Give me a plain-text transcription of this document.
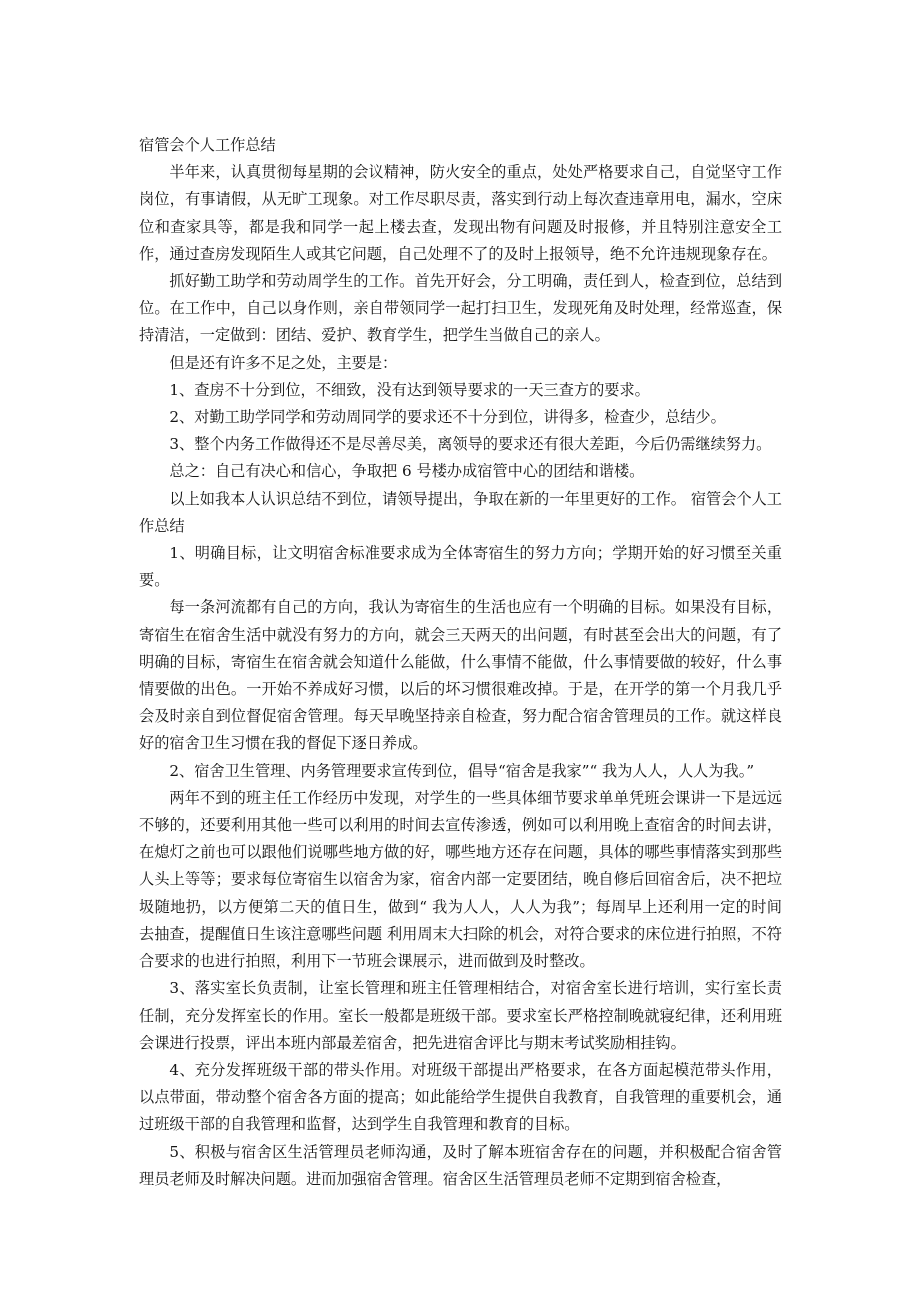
宿管会个人工作总结

半年来，认真贯彻每星期的会议精神，防火安全的重点，处处严格要求自己，自觉坚守工作岗位，有事请假，从无旷工现象。对工作尽职尽责，落实到行动上每次查违章用电，漏水，空床位和查家具等，都是我和同学一起上楼去查，发现出物有问题及时报修，并且特别注意安全工作，通过查房发现陌生人或其它问题，自己处理不了的及时上报领导，绝不允许违规现象存在。

抓好勤工助学和劳动周学生的工作。首先开好会，分工明确，责任到人，检查到位，总结到位。在工作中，自己以身作则，亲自带领同学一起打扫卫生，发现死角及时处理，经常巡查，保持清洁，一定做到：团结、爱护、教育学生，把学生当做自己的亲人。

但是还有许多不足之处，主要是：

1、查房不十分到位，不细致，没有达到领导要求的一天三查方的要求。

2、对勤工助学同学和劳动周同学的要求还不十分到位，讲得多，检查少，总结少。

3、整个内务工作做得还不是尽善尽美，离领导的要求还有很大差距，今后仍需继续努力。

总之：自己有决心和信心，争取把 6 号楼办成宿管中心的团结和谐楼。

以上如我本人认识总结不到位，请领导提出，争取在新的一年里更好的工作。 宿管会个人工作总结

1、明确目标，让文明宿舍标准要求成为全体寄宿生的努力方向；学期开始的好习惯至关重要。

每一条河流都有自己的方向，我认为寄宿生的生活也应有一个明确的目标。如果没有目标，寄宿生在宿舍生活中就没有努力的方向，就会三天两天的出问题，有时甚至会出大的问题，有了明确的目标，寄宿生在宿舍就会知道什么能做，什么事情不能做，什么事情要做的较好，什么事情要做的出色。一开始不养成好习惯，以后的坏习惯很难改掉。于是，在开学的第一个月我几乎会及时亲自到位督促宿舍管理。每天早晚坚持亲自检查，努力配合宿舍管理员的工作。就这样良好的宿舍卫生习惯在我的督促下逐日养成。

2、宿舍卫生管理、内务管理要求宣传到位，倡导“宿舍是我家”“ 我为人人，人人为我。”

两年不到的班主任工作经历中发现，对学生的一些具体细节要求单单凭班会课讲一下是远远不够的，还要利用其他一些可以利用的时间去宣传渗透，例如可以利用晚上查宿舍的时间去讲，在熄灯之前也可以跟他们说哪些地方做的好，哪些地方还存在问题，具体的哪些事情落实到那些人头上等等；要求每位寄宿生以宿舍为家，宿舍内部一定要团结，晚自修后回宿舍后，决不把垃圾随地扔，以方便第二天的值日生，做到“ 我为人人，人人为我”；每周早上还利用一定的时间去抽查，提醒值日生该注意哪些问题 利用周末大扫除的机会，对符合要求的床位进行拍照，不符合要求的也进行拍照，利用下一节班会课展示，进而做到及时整改。

3、落实室长负责制，让室长管理和班主任管理相结合，对宿舍室长进行培训，实行室长责任制，充分发挥室长的作用。室长一般都是班级干部。要求室长严格控制晚就寝纪律，还利用班会课进行投票，评出本班内部最差宿舍，把先进宿舍评比与期末考试奖励相挂钩。

4、充分发挥班级干部的带头作用。对班级干部提出严格要求，在各方面起模范带头作用，以点带面，带动整个宿舍各方面的提高；如此能给学生提供自我教育，自我管理的重要机会，通过班级干部的自我管理和监督，达到学生自我管理和教育的目标。

5、积极与宿舍区生活管理员老师沟通，及时了解本班宿舍存在的问题，并积极配合宿舍管理员老师及时解决问题。进而加强宿舍管理。宿舍区生活管理员老师不定期到宿舍检查，
